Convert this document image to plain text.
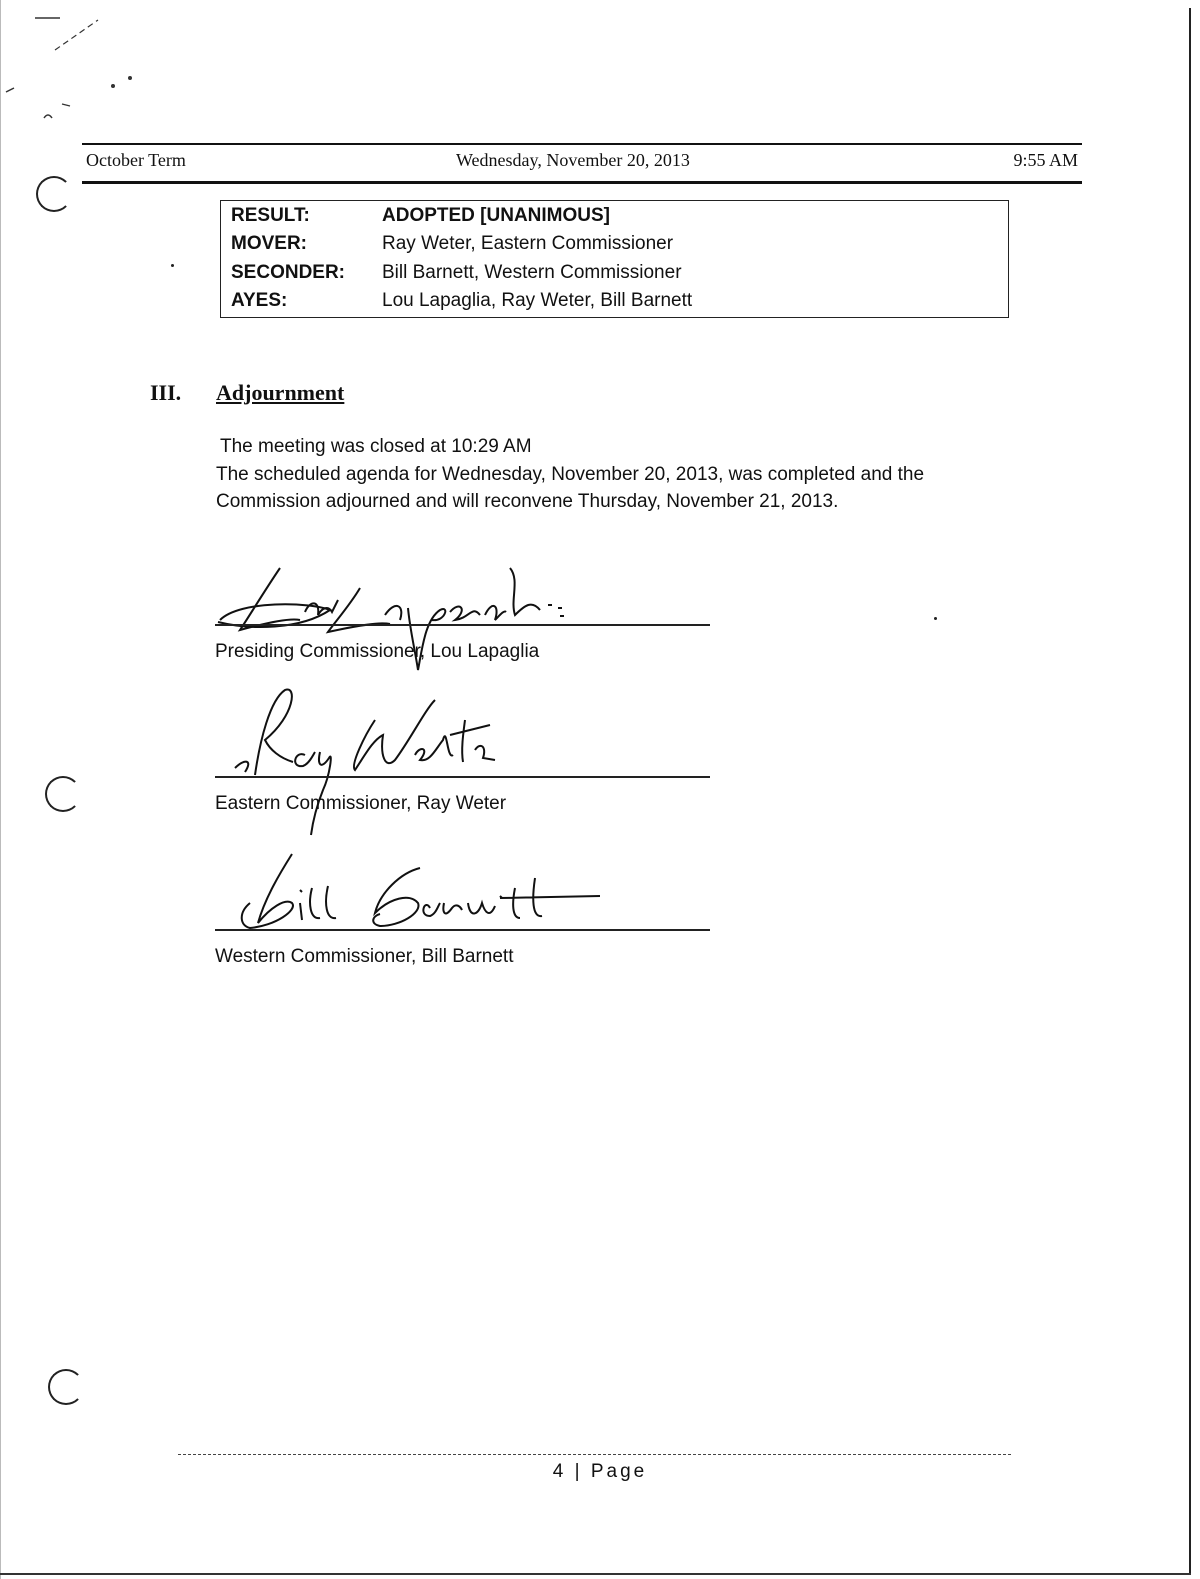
October Term	Wednesday, November 20, 2013	9:55 AM
RESULT:	ADOPTED [UNANIMOUS]
MOVER:	Ray Weter, Eastern Commissioner
SECONDER:	Bill Barnett, Western Commissioner
AYES:	Lou Lapaglia, Ray Weter, Bill Barnett
III. Adjournment
The meeting was closed at 10:29 AM
The scheduled agenda for Wednesday, November 20, 2013, was completed and the
Commission adjourned and will reconvene Thursday, November 21, 2013.
Presiding Commissioner, Lou Lapaglia
Eastern Commissioner, Ray Weter
Western Commissioner, Bill Barnett
4 | Page
